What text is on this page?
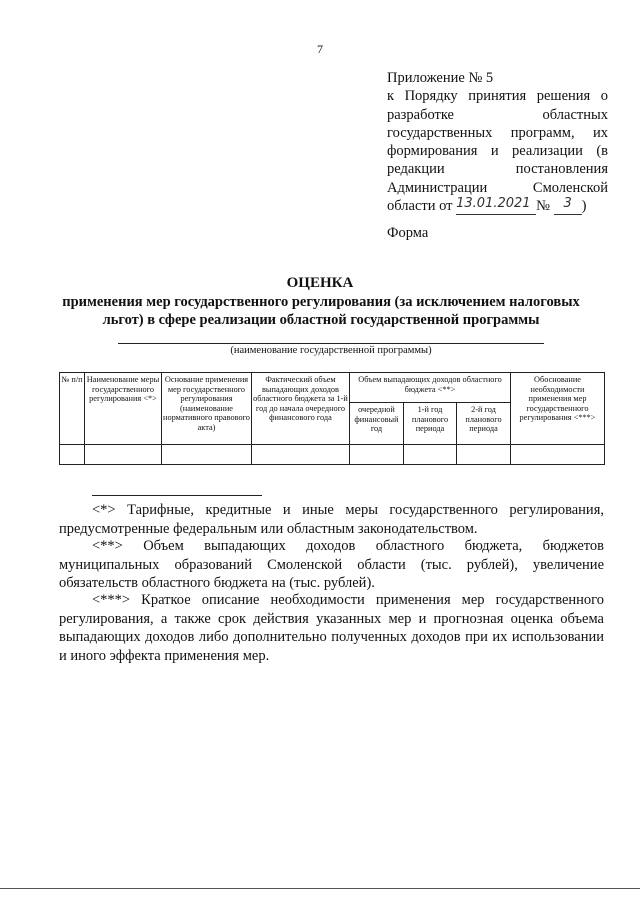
7
Приложение № 5
к Порядку принятия решения о
разработке	областных
государственных программ, их
формирования и реализации (в
редакции	постановления
Администрации	Смоленской
области от
13.01.2021 №
	3 )
Форма
ОЦЕНКА
применения мер государственного регулирования (за исключением налоговых льгот) в сфере реализации областной государственной программы
(наименование государственной программы)
№ п/п	Наименование меры государственного регулирования <*>	Основание применения мер государственного регулирования (наименование нормативного правового акта)	Фактический объем выпадающих доходов областного бюджета за 1-й год до начала очередного финансового года	Объем выпадающих доходов областного бюджета <**>			Обоснование необходимости применения мер государственного регулирования <***>
				очередной финансовый год	1-й год планового периода	2-й год планового периода	

<*> Тарифные, кредитные и иные меры государственного регулирования, предусмотренные федеральным или областным законодательством.

<**> Объем выпадающих доходов областного бюджета, бюджетов муниципальных образований Смоленской области (тыс. рублей), увеличение обязательств областного бюджета на (тыс. рублей).

<***> Краткое описание необходимости применения мер государственного регулирования, а также срок действия указанных мер и прогнозная оценка объема выпадающих доходов либо дополнительно полученных доходов при их использовании и иного эффекта применения мер.
